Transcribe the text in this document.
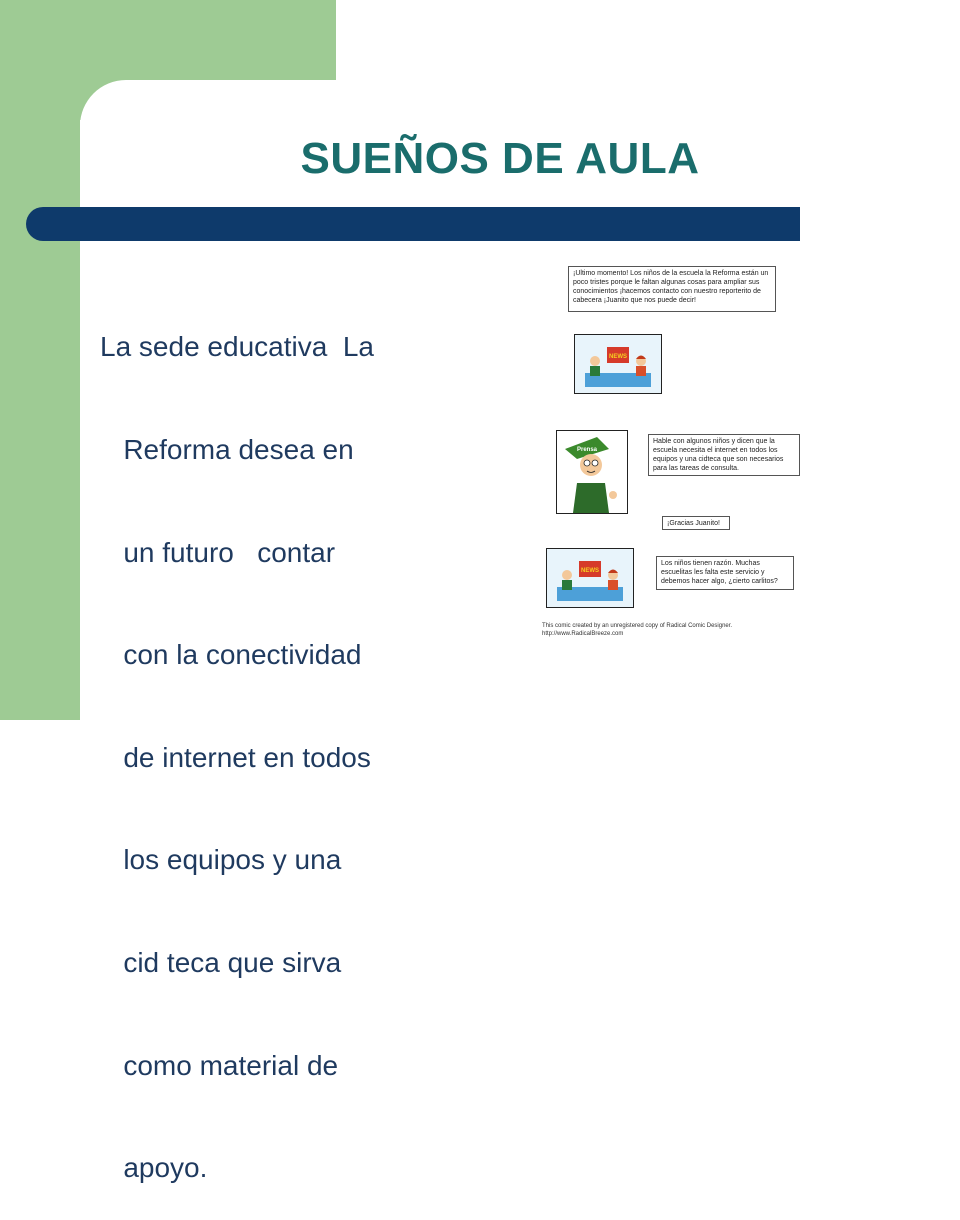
SUEÑOS DE AULA

La sede educativa  La

Reforma desea en

un futuro   contar

con la conectividad

de internet en todos

los equipos y una

cid teca que sirva

como material de

apoyo.

¡Ultimo momento! Los niños de la escuela la Reforma están un poco tristes porque le faltan algunas cosas para ampliar sus conocimientos ¡hacemos contacto con nuestro reporterito de cabecera ¡Juanito que nos puede decir!
NEWS
Prensa
Hable con algunos niños y dicen que la escuela necesita el internet en todos los equipos y una cidteca que son necesarios para las tareas de consulta.
¡Gracias Juanito!
NEWS
Los niños tienen razón. Muchas escuelitas les falta este servicio y debemos hacer algo, ¿cierto carlitos?
This comic created by an unregistered copy of Radical Comic Designer.
http://www.RadicalBreeze.com
